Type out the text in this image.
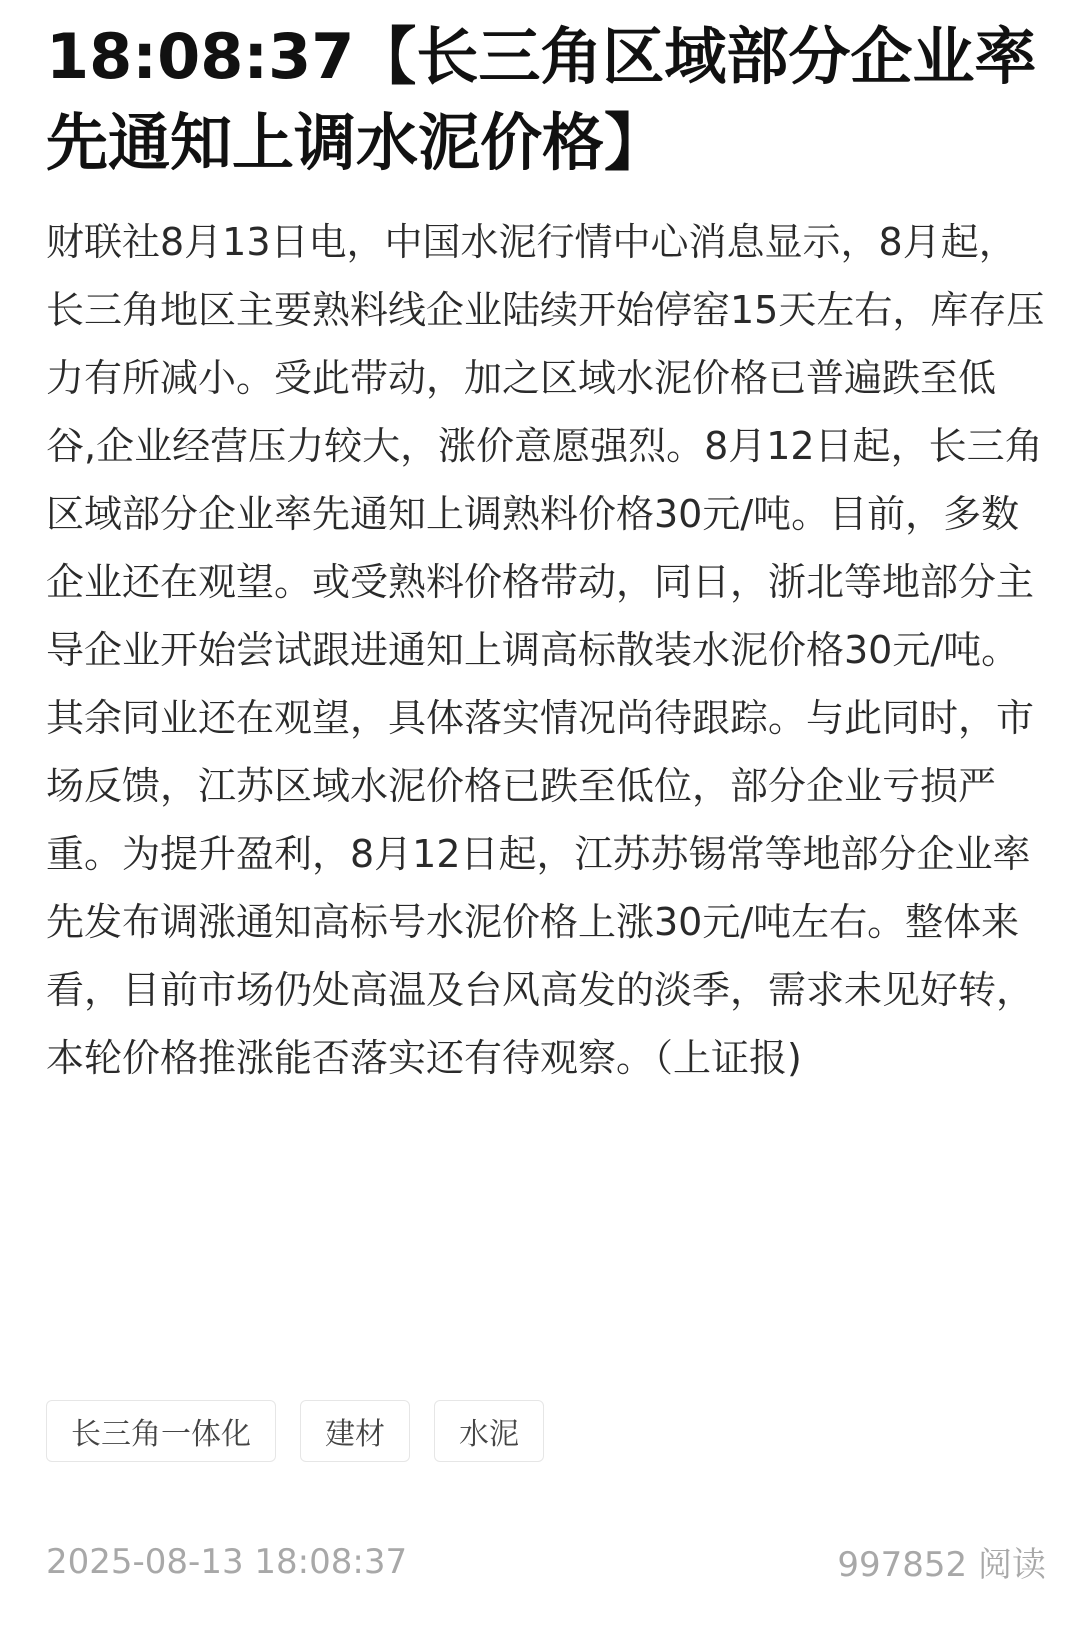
18:08:37【长三角区域部分企业率先通知上调水泥价格】

财联社8月13日电，中国水泥行情中心消息显示，8月起，长三角地区主要熟料线企业陆续开始停窑15天左右，库存压力有所减小。受此带动，加之区域水泥价格已普遍跌至低谷,企业经营压力较大，涨价意愿强烈。8月12日起，长三角区域部分企业率先通知上调熟料价格30元/吨。目前，多数企业还在观望。或受熟料价格带动，同日，浙北等地部分主导企业开始尝试跟进通知上调高标散装水泥价格30元/吨。其余同业还在观望，具体落实情况尚待跟踪。与此同时，市场反馈，江苏区域水泥价格已跌至低位，部分企业亏损严重。为提升盈利，8月12日起，江苏苏锡常等地部分企业率先发布调涨通知高标号水泥价格上涨30元/吨左右。整体来看，目前市场仍处高温及台风高发的淡季，需求未见好转，本轮价格推涨能否落实还有待观察。（上证报)

长三角一体化	建材	水泥
2025-08-13 18:08:37	997852 阅读
